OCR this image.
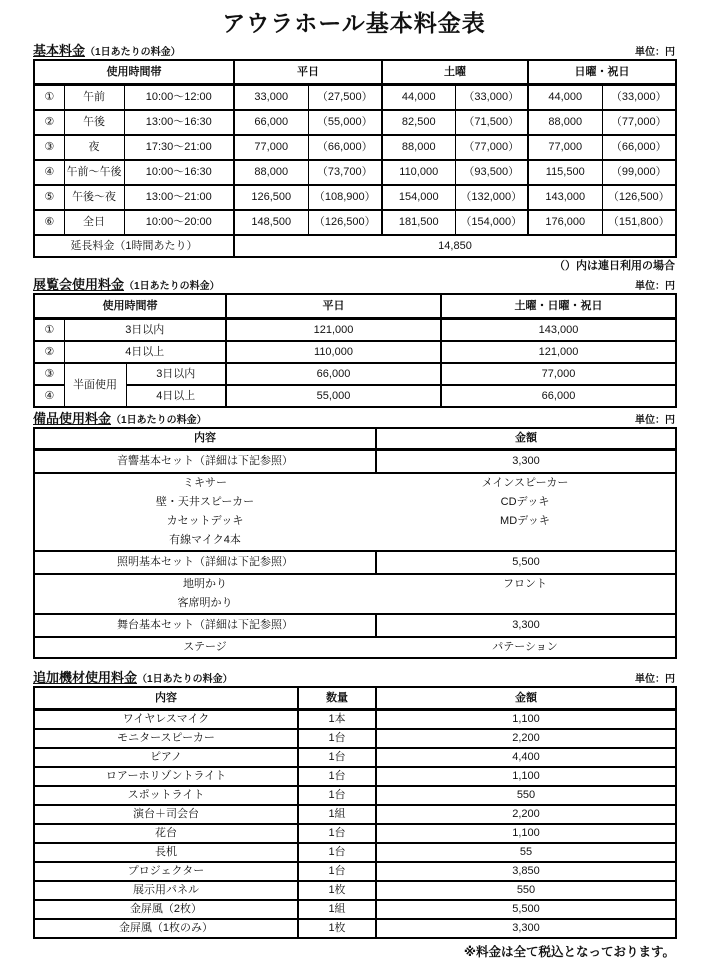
アウラホール基本料金表
基本料金（1日あたりの料金）	単位：円
使用時間帯			平日		土曜		日曜・祝日	
①	午前	10:00～12:00	33,000	（27,500）	44,000	（33,000）	44,000	（33,000）
②	午後	13:00～16:30	66,000	（55,000）	82,500	（71,500）	88,000	（77,000）
③	夜	17:30～21:00	77,000	（66,000）	88,000	（77,000）	77,000	（66,000）
④	午前～午後	10:00～16:30	88,000	（73,700）	110,000	（93,500）	115,500	（99,000）
⑤	午後～夜	13:00～21:00	126,500	（108,900）	154,000	（132,000）	143,000	（126,500）
⑥	全日	10:00～20:00	148,500	（126,500）	181,500	（154,000）	176,000	（151,800）
延長料金（1時間あたり）			14,850					
（）内は連日利用の場合
展覧会使用料金（1日あたりの料金）	単位：円
使用時間帯			平日	土曜・日曜・祝日
①	3日以内		121,000	143,000
②	4日以上		110,000	121,000
③	半面使用	3日以内	66,000	77,000
④		4日以上	55,000	66,000
備品使用料金（1日あたりの料金）	単位：円
内容	金額
音響基本セット（詳細は下記参照）	3,300

ミキサー	メインスピーカー
壁・天井スピーカー	CDデッキ
カセットデッキ	MDデッキ
有線マイク4本

照明基本セット（詳細は下記参照）	5,500

地明かり フロント
客席明かり	

舞台基本セット（詳細は下記参照）	3,300

ステージ パテーション	
追加機材使用料金（1日あたりの料金）	単位：円
内容	数量	金額
ワイヤレスマイク	1本	1,100
モニタースピーカー	1台	2,200
ピアノ	1台	4,400
ロアーホリゾントライト	1台	1,100
スポットライト	1台	550
演台＋司会台	1組	2,200
花台	1台	1,100
長机	1台	55
プロジェクター	1台	3,850
展示用パネル	1枚	550
金屏風（2枚）	1組	5,500
金屏風（1枚のみ）	1枚	3,300
※料金は全て税込となっております。
